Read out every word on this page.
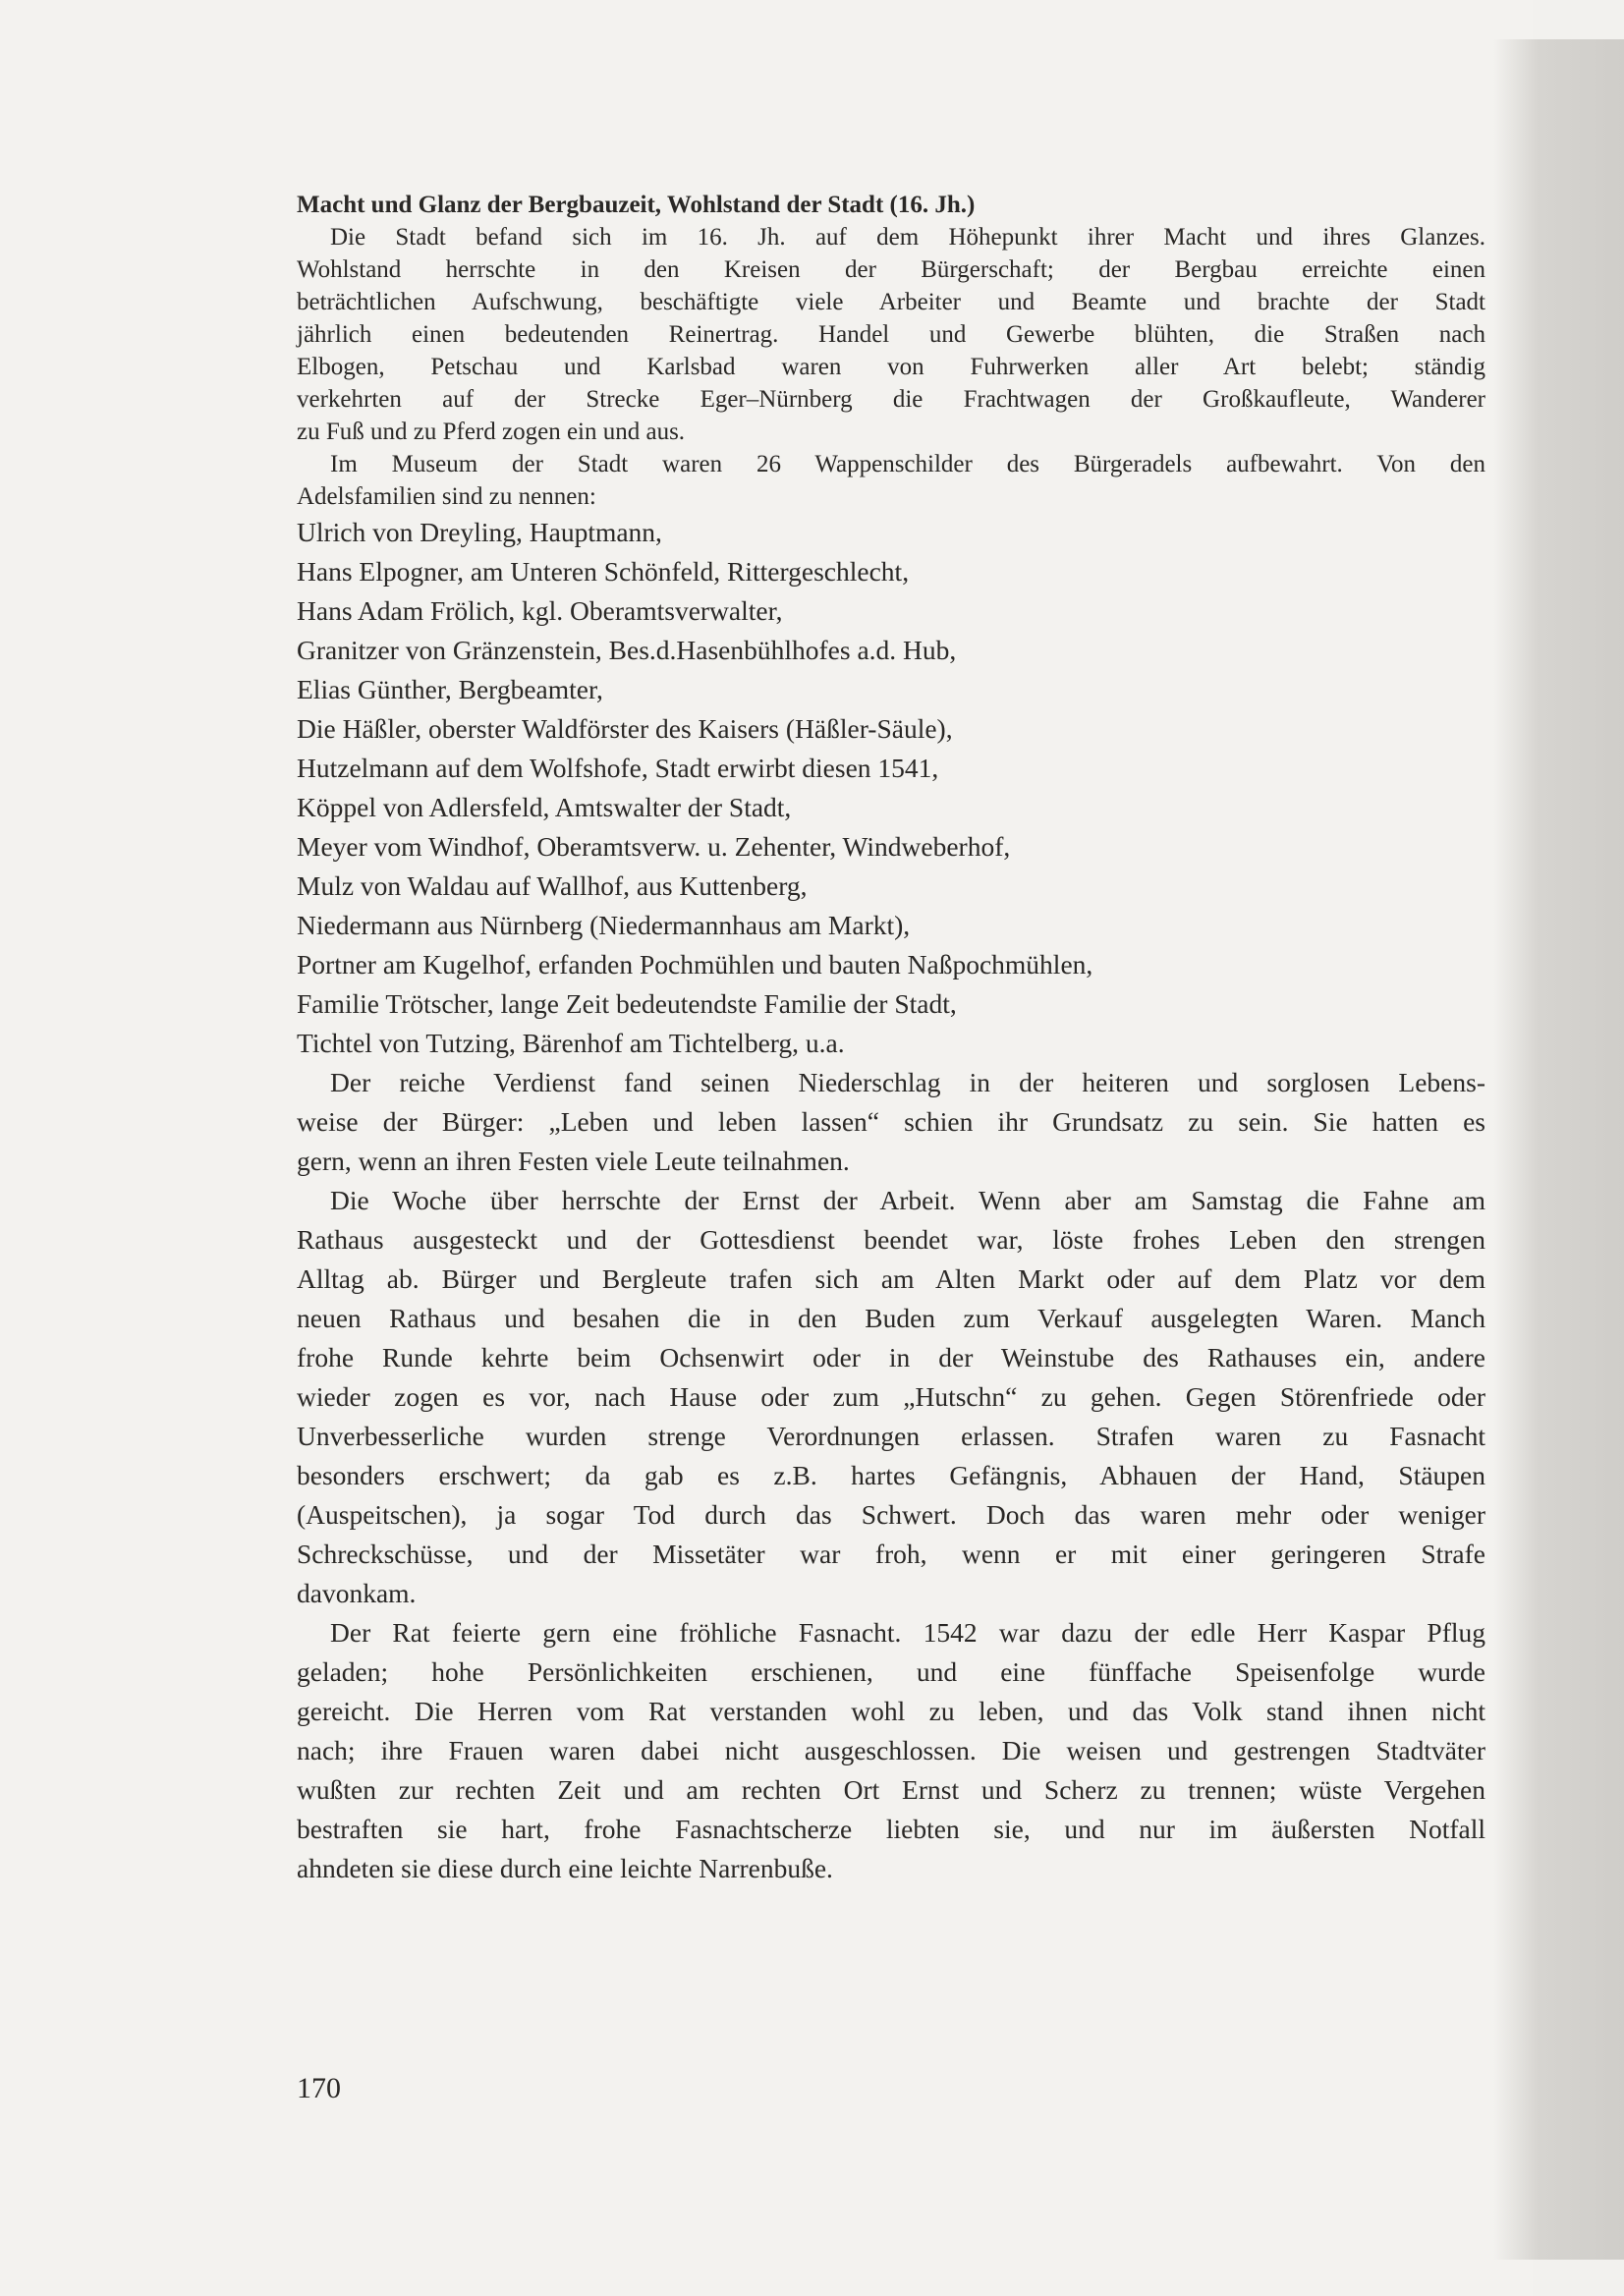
Macht und Glanz der Bergbauzeit, Wohlstand der Stadt (16. Jh.)

Die Stadt befand sich im 16. Jh. auf dem Höhepunkt ihrer Macht und ihres Glanzes.

Wohlstand herrschte in den Kreisen der Bürgerschaft; der Bergbau erreichte einen

beträchtlichen Aufschwung, beschäftigte viele Arbeiter und Beamte und brachte der Stadt

jährlich einen bedeutenden Reinertrag. Handel und Gewerbe blühten, die Straßen nach

Elbogen, Petschau und Karlsbad waren von Fuhrwerken aller Art belebt; ständig

verkehrten auf der Strecke Eger–Nürnberg die Frachtwagen der Großkaufleute, Wanderer

zu Fuß und zu Pferd zogen ein und aus.

Im Museum der Stadt waren 26 Wappenschilder des Bürgeradels aufbewahrt. Von den

Adelsfamilien sind zu nennen:

Ulrich von Dreyling, Hauptmann,

Hans Elpogner, am Unteren Schönfeld, Rittergeschlecht,

Hans Adam Frölich, kgl. Oberamtsverwalter,

Granitzer von Gränzenstein, Bes.d.Hasenbühlhofes a.d. Hub,

Elias Günther, Bergbeamter,

Die Häßler, oberster Waldförster des Kaisers (Häßler-Säule),

Hutzelmann auf dem Wolfshofe, Stadt erwirbt diesen 1541,

Köppel von Adlersfeld, Amtswalter der Stadt,

Meyer vom Windhof, Oberamtsverw. u. Zehenter, Windweberhof,

Mulz von Waldau auf Wallhof, aus Kuttenberg,

Niedermann aus Nürnberg (Niedermannhaus am Markt),

Portner am Kugelhof, erfanden Pochmühlen und bauten Naßpochmühlen,

Familie Trötscher, lange Zeit bedeutendste Familie der Stadt,

Tichtel von Tutzing, Bärenhof am Tichtelberg, u.a.

Der reiche Verdienst fand seinen Niederschlag in der heiteren und sorglosen Lebens-

weise der Bürger: „Leben und leben lassen“ schien ihr Grundsatz zu sein. Sie hatten es

gern, wenn an ihren Festen viele Leute teilnahmen.

Die Woche über herrschte der Ernst der Arbeit. Wenn aber am Samstag die Fahne am

Rathaus ausgesteckt und der Gottesdienst beendet war, löste frohes Leben den strengen

Alltag ab. Bürger und Bergleute trafen sich am Alten Markt oder auf dem Platz vor dem

neuen Rathaus und besahen die in den Buden zum Verkauf ausgelegten Waren. Manch

frohe Runde kehrte beim Ochsenwirt oder in der Weinstube des Rathauses ein, andere

wieder zogen es vor, nach Hause oder zum „Hutschn“ zu gehen. Gegen Störenfriede oder

Unverbesserliche wurden strenge Verordnungen erlassen. Strafen waren zu Fasnacht

besonders erschwert; da gab es z.B. hartes Gefängnis, Abhauen der Hand, Stäupen

(Auspeitschen), ja sogar Tod durch das Schwert. Doch das waren mehr oder weniger

Schreckschüsse, und der Missetäter war froh, wenn er mit einer geringeren Strafe

davonkam.

Der Rat feierte gern eine fröhliche Fasnacht. 1542 war dazu der edle Herr Kaspar Pflug

geladen; hohe Persönlichkeiten erschienen, und eine fünffache Speisenfolge wurde

gereicht. Die Herren vom Rat verstanden wohl zu leben, und das Volk stand ihnen nicht

nach; ihre Frauen waren dabei nicht ausgeschlossen. Die weisen und gestrengen Stadtväter

wußten zur rechten Zeit und am rechten Ort Ernst und Scherz zu trennen; wüste Vergehen

bestraften sie hart, frohe Fasnachtscherze liebten sie, und nur im äußersten Notfall

ahndeten sie diese durch eine leichte Narrenbuße.

170
